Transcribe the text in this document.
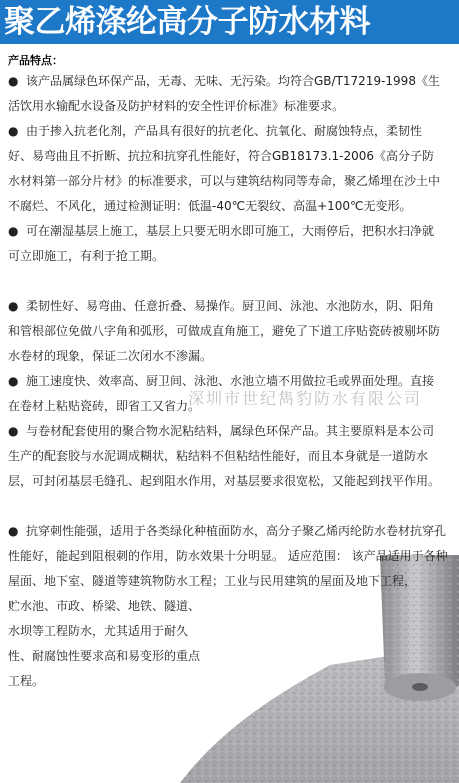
聚乙烯涤纶高分子防水材料
产品特点：

● 该产品属绿色环保产品，无毒、无味、无污染。均符合GB/T17219-1998《生活饮用水输配水设备及防护材料的安全性评价标准》标准要求。

● 由于掺入抗老化剂，产品具有很好的抗老化、抗氧化、耐腐蚀特点，柔韧性好、易弯曲且不折断、抗拉和抗穿孔性能好，符合GB18173.1-2006《高分子防水材料第一部分片材》的标准要求，可以与建筑结构同等寿命，聚乙烯埋在沙土中不腐烂、不风化，通过检测证明：低温-40℃无裂纹、高温+100℃无变形。

● 可在潮湿基层上施工，基层上只要无明水即可施工，大雨停后，把积水扫净就可立即施工，有利于抢工期。

● 柔韧性好、易弯曲、任意折叠、易操作。厨卫间、泳池、水池防水，阴、阳角和管根部位免做八字角和弧形，可做成直角施工，避免了下道工序贴瓷砖被剔坏防水卷材的现象，保证二次闭水不渗漏。

● 施工速度快、效率高、厨卫间、泳池、水池立墙不用做拉毛或界面处理。直接在卷材上粘贴瓷砖，即省工又省力。

● 与卷材配套使用的聚合物水泥粘结料，属绿色环保产品。其主要原料是本公司生产的配套胶与水泥调成糊状，粘结料不但粘结性能好，而且本身就是一道防水层，可封闭基层毛缝孔、起到阻水作用，对基层要求很宽松，又能起到找平作用。

● 抗穿刺性能强，适用于各类绿化种植面防水，高分子聚乙烯丙纶防水卷材抗穿孔性能好，能起到阻根刺的作用，防水效果十分明显。 适应范围： 该产品适用于各种屋面、地下室、隧道等建筑物防水工程；工业与民用建筑的屋面及地下工程，
贮水池、市政、桥梁、地铁、隧道、水坝等工程防水，尤其适用于耐久性、耐腐蚀性要求高和易变形的重点工程。
深圳市世纪雋豹防水有限公司
